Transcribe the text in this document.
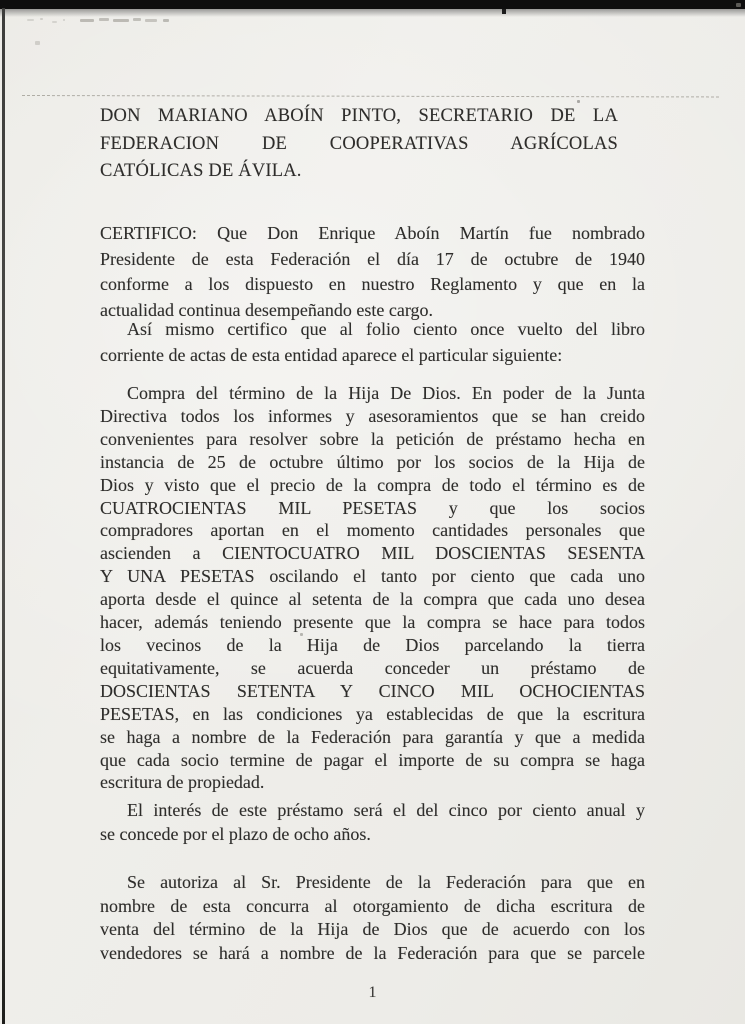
DON MARIANO ABOÍN PINTO, SECRETARIO DE LA
FEDERACION DE COOPERATIVAS AGRÍCOLAS
CATÓLICAS DE ÁVILA.
CERTIFICO: Que Don Enrique Aboín Martín fue nombrado
Presidente de esta Federación el día 17 de octubre de 1940
conforme a los dispuesto en nuestro Reglamento y que en la
actualidad continua desempeñando este cargo.
Así mismo certifico que al folio ciento once vuelto del libro
corriente de actas de esta entidad aparece el particular siguiente:
Compra del término de la Hija De Dios. En poder de la Junta
Directiva todos los informes y asesoramientos que se han creido
convenientes para resolver sobre la petición de préstamo hecha en
instancia de 25 de octubre último por los socios de la Hija de
Dios y visto que el precio de la compra de todo el término es de
CUATROCIENTAS MIL PESETAS y que los socios
compradores aportan en el momento cantidades personales que
ascienden a CIENTOCUATRO MIL DOSCIENTAS SESENTA
Y UNA PESETAS oscilando el tanto por ciento que cada uno
aporta desde el quince al setenta de la compra que cada uno desea
hacer, además teniendo presente que la compra se hace para todos
los vecinos de la Hija de Dios parcelando la tierra
equitativamente, se acuerda conceder un préstamo de
DOSCIENTAS SETENTA Y CINCO MIL OCHOCIENTAS
PESETAS, en las condiciones ya establecidas de que la escritura
se haga a nombre de la Federación para garantía y que a medida
que cada socio termine de pagar el importe de su compra se haga
escritura de propiedad.
El interés de este préstamo será el del cinco por ciento anual y
se concede por el plazo de ocho años.
Se autoriza al Sr. Presidente de la Federación para que en
nombre de esta concurra al otorgamiento de dicha escritura de
venta del término de la Hija de Dios que de acuerdo con los
vendedores se hará a nombre de la Federación para que se parcele
1
